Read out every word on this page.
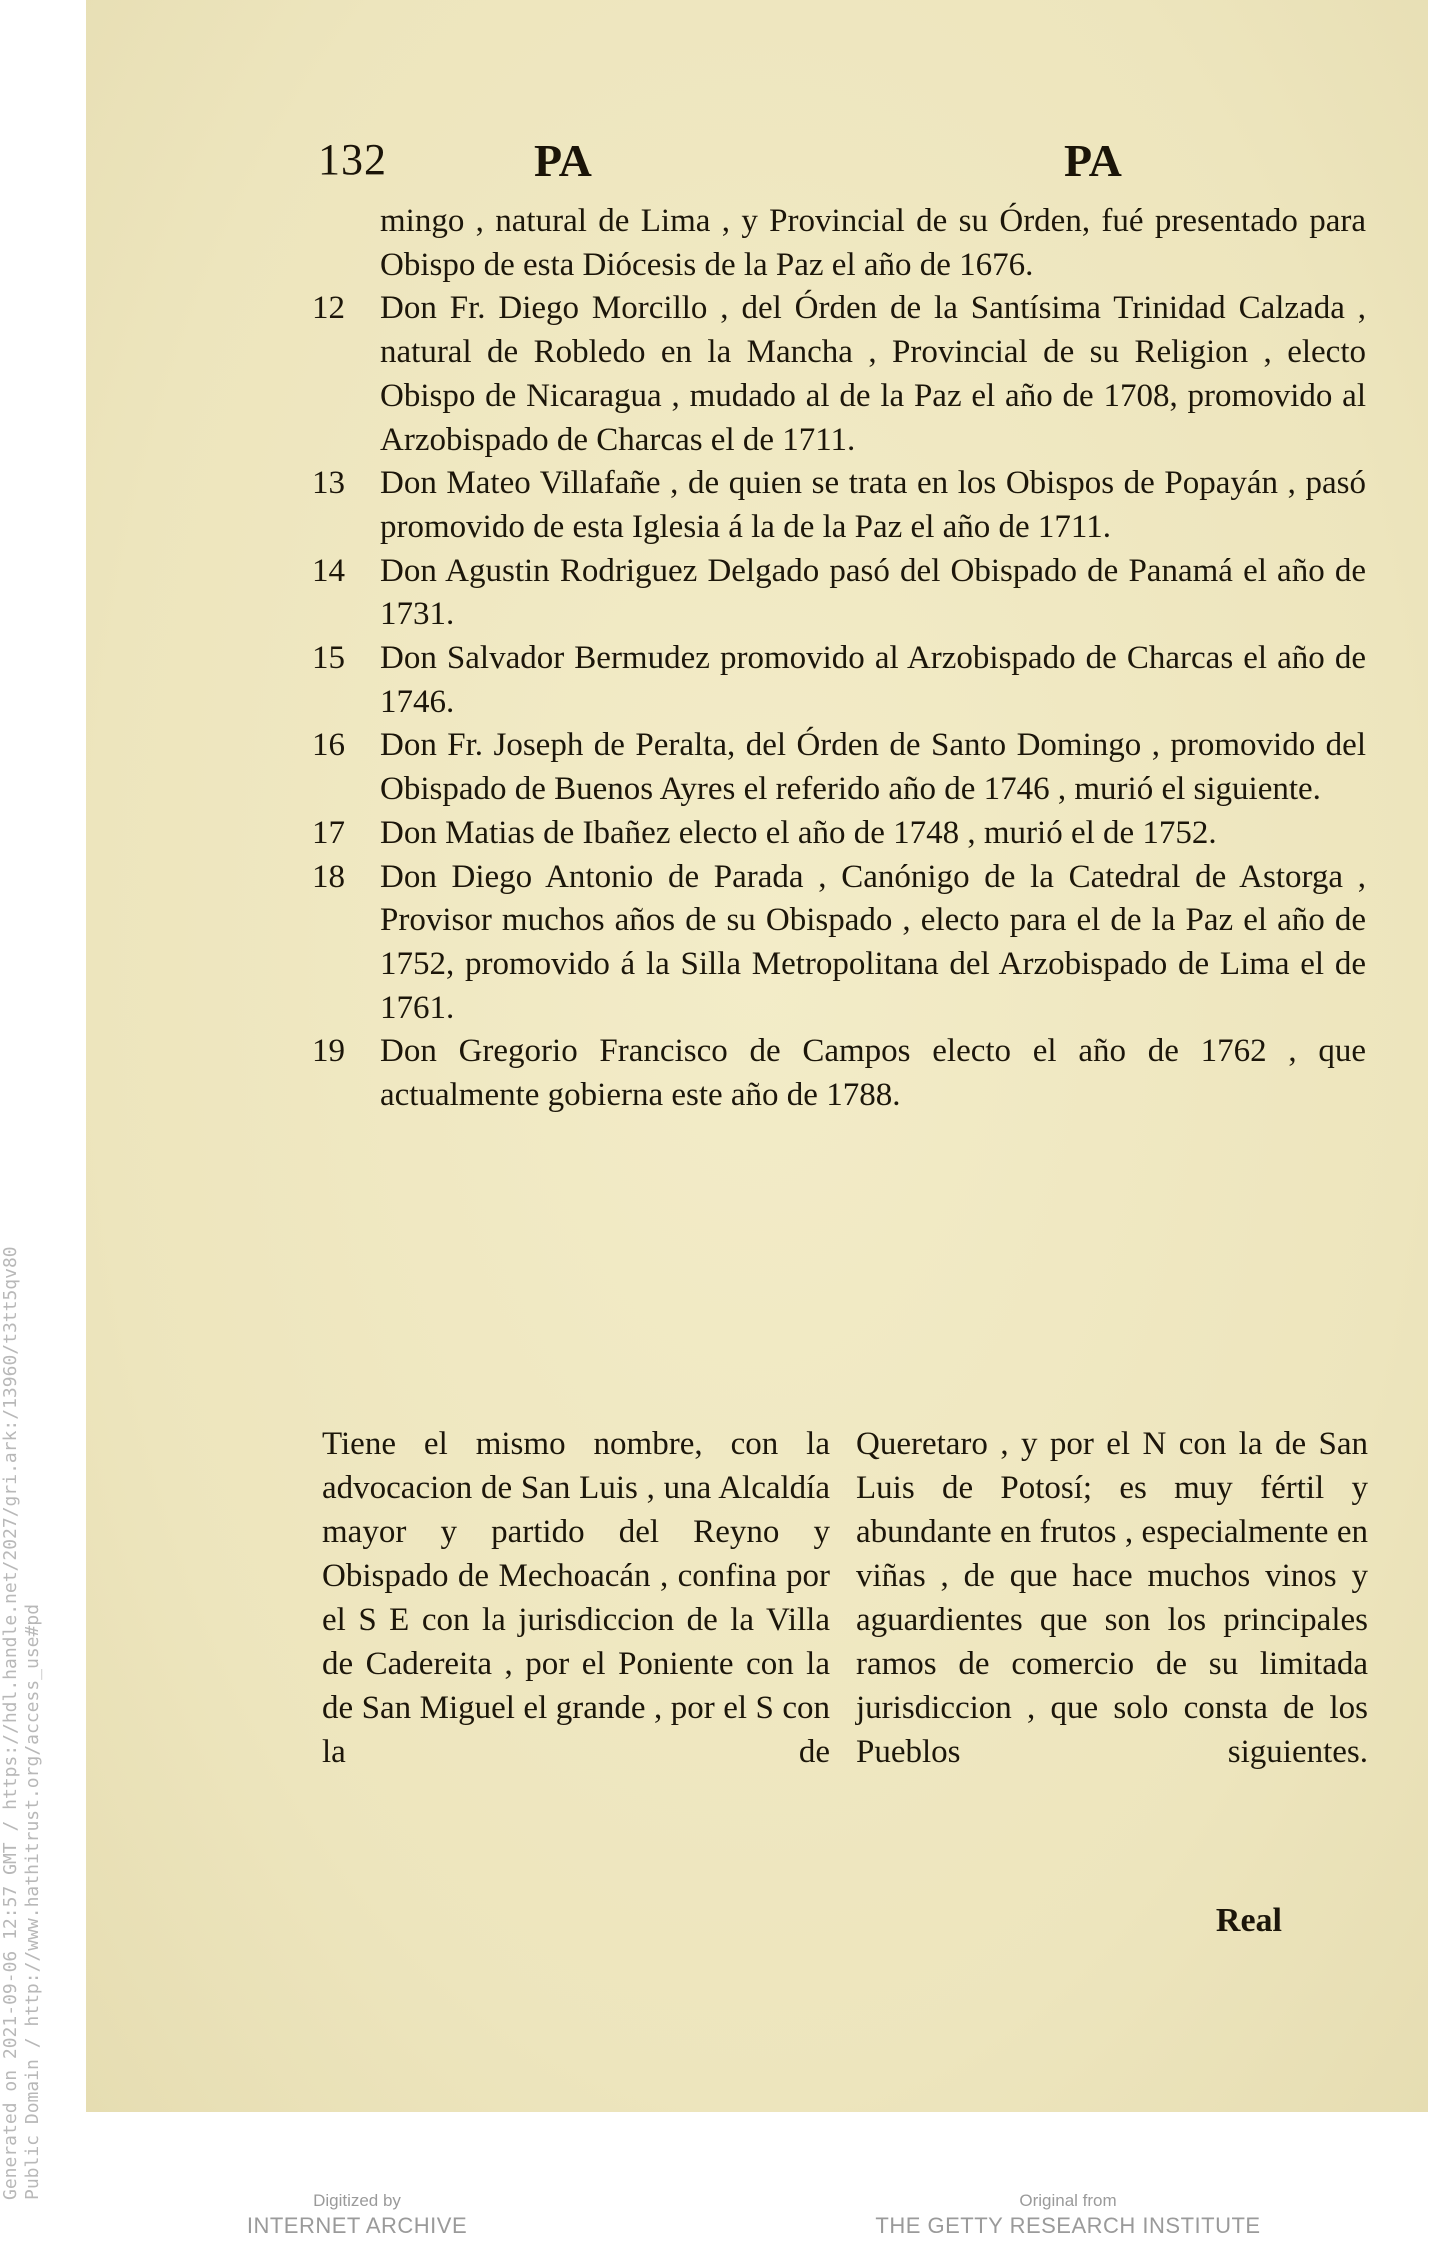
132	PA	PA
mingo , natural de Lima , y Provincial de su Órden, fué presentado para Obispo de esta Diócesis de la Paz el año de 1676.
12	Don Fr. Diego Morcillo , del Órden de la Santísima Trinidad Calzada , natural de Robledo en la Mancha , Provincial de su Religion , electo Obispo de Nicaragua , mudado al de la Paz el año de 1708, promovido al Arzobispado de Charcas el de 1711.
13	Don Mateo Villafañe , de quien se trata en los Obispos de Popayán , pasó promovido de esta Iglesia á la de la Paz el año de 1711.
14	Don Agustin Rodriguez Delgado pasó del Obispado de Panamá el año de 1731.
15	Don Salvador Bermudez promovido al Arzobispado de Charcas el año de 1746.
16	Don Fr. Joseph de Peralta, del Órden de Santo Domingo , promovido del Obispado de Buenos Ayres el referido año de 1746 , murió el siguiente.
17	Don Matias de Ibañez electo el año de 1748 , murió el de 1752.
18	Don Diego Antonio de Parada , Canónigo de la Catedral de Astorga , Provisor muchos años de su Obispado , electo para el de la Paz el año de 1752, promovido á la Silla Metropolitana del Arzobispado de Lima el de 1761.
19	Don Gregorio Francisco de Campos electo el año de 1762 , que actualmente gobierna este año de 1788.
Tiene el mismo nombre, con la advocacion de San Luis , una Alcaldía mayor y partido del Reyno y Obispado de Mechoacán , confina por el S E con la jurisdiccion de la Villa de Cadereita , por el Poniente con la de San Miguel el grande , por el S con la de
Queretaro , y por el N con la de San Luis de Potosí; es muy fértil y abundante en frutos , especialmente en viñas , de que hace muchos vinos y aguardientes que son los principales ramos de comercio de su limitada jurisdiccion , que solo consta de los Pueblos siguientes.
Real
Generated on 2021-09-06 12:57 GMT / https://hdl.handle.net/2027/gri.ark:/13960/t3tt5qv80 Public Domain / http://www.hathitrust.org/access_use#pd
Digitized by
INTERNET ARCHIVE
Original from
THE GETTY RESEARCH INSTITUTE
